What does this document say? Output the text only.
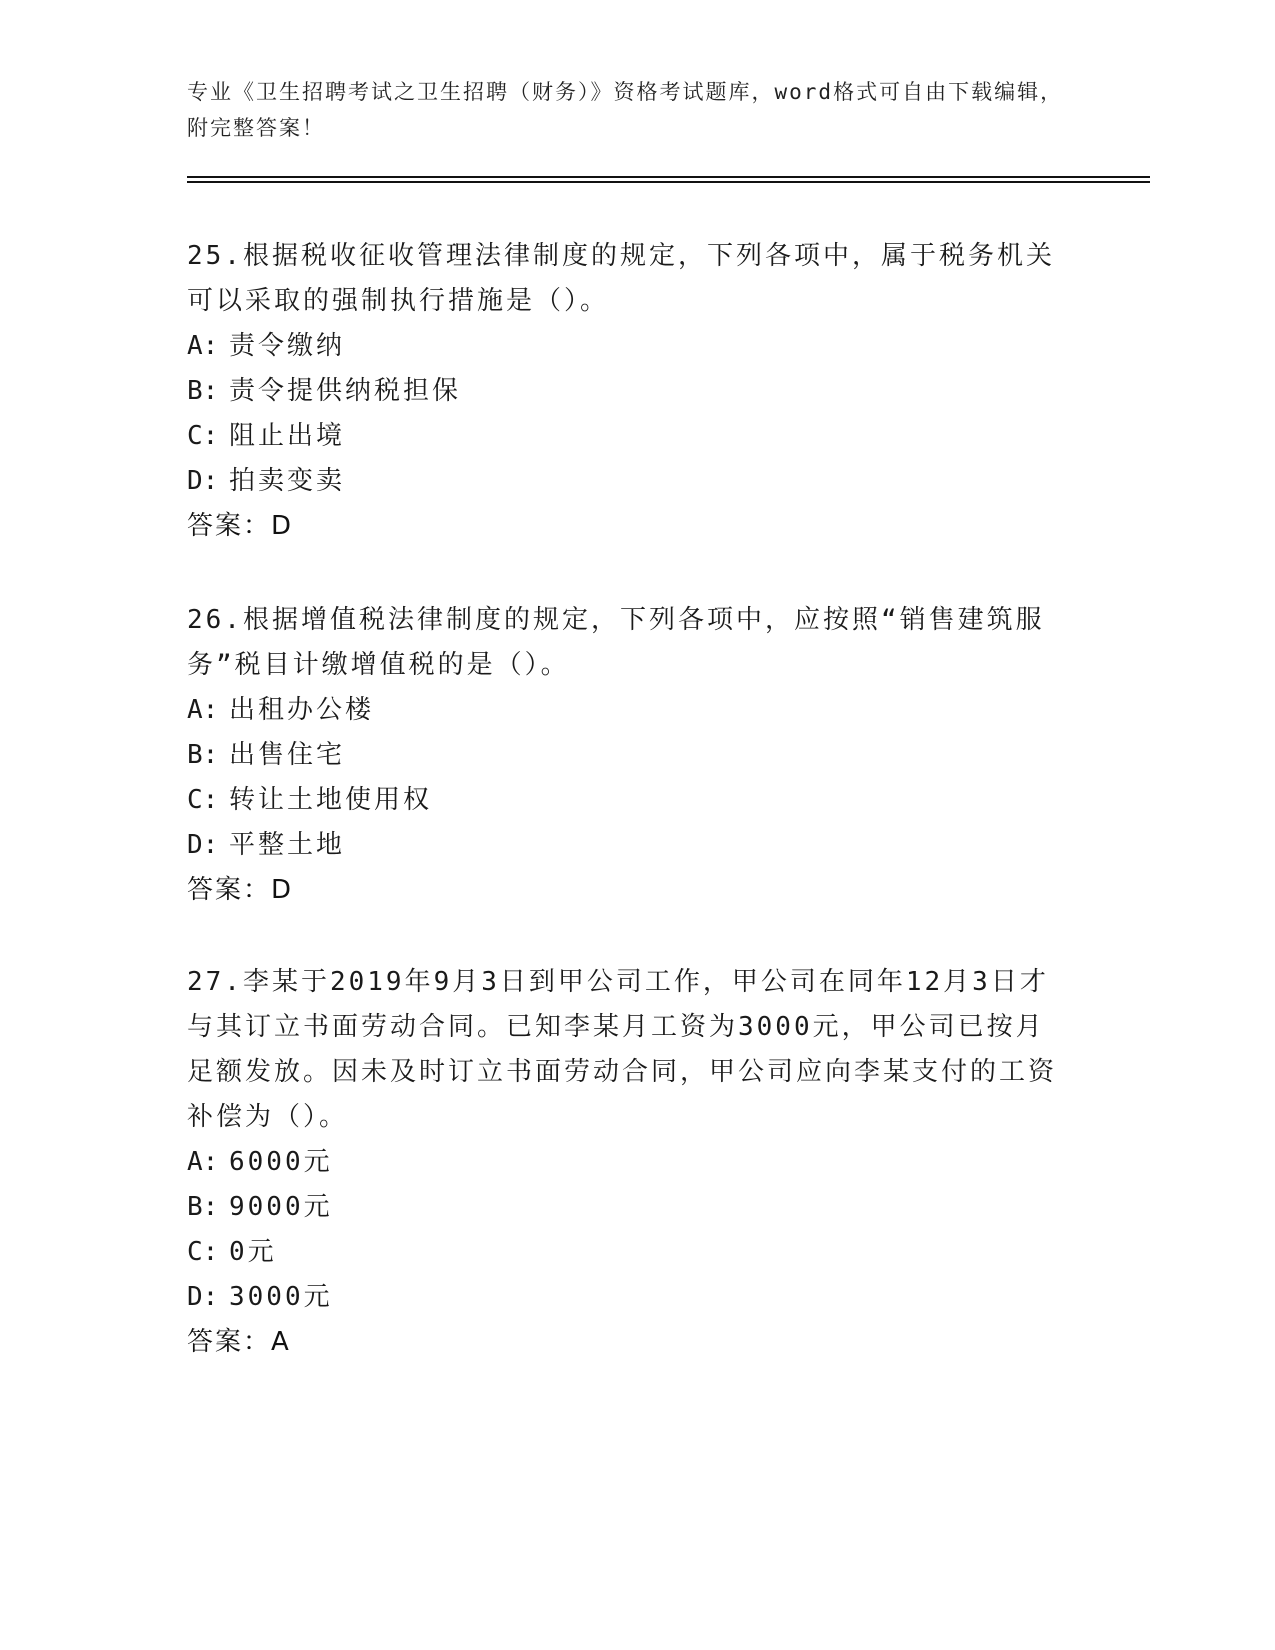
专业《卫生招聘考试之卫生招聘（财务）》资格考试题库，word格式可自由下载编辑，附完整答案！

25.根据税收征收管理法律制度的规定，下列各项中，属于税务机关可以采取的强制执行措施是（）。

A: 责令缴纳
B: 责令提供纳税担保
C: 阻止出境
D: 拍卖变卖
答案：D

26.根据增值税法律制度的规定，下列各项中，应按照“销售建筑服务”税目计缴增值税的是（）。

A: 出租办公楼
B: 出售住宅
C: 转让土地使用权
D: 平整土地
答案：D

27.李某于2019年9月3日到甲公司工作，甲公司在同年12月3日才与其订立书面劳动合同。已知李某月工资为3000元，甲公司已按月足额发放。因未及时订立书面劳动合同，甲公司应向李某支付的工资补偿为（）。

A: 6000元
B: 9000元
C: 0元
D: 3000元
答案：A
